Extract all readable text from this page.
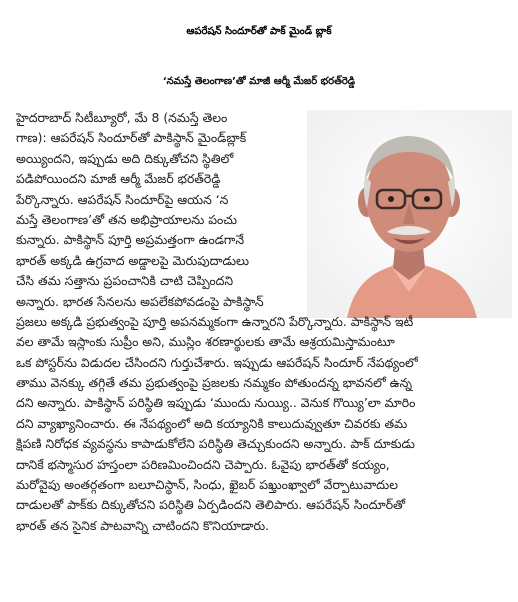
ఆపరేషన్ సిందూర్‌తో పాక్ మైండ్ బ్లాక్
‘నమస్తే తెలంగాణ’తో మాజీ ఆర్మీ మేజర్ భరత్‌రెడ్డి
హైదరాబాద్ సిటీబ్యూరో, మే 8 (నమస్తే తెలం
గాణ): ఆపరేషన్ సిందూర్‌తో పాకిస్థాన్ మైండ్‌బ్లాక్
అయ్యిందని, ఇప్పుడు అది దిక్కుతోచని స్థితిలో
పడిపోయిందని మాజీ ఆర్మీ మేజర్ భరత్‌రెడ్డి
పేర్కొన్నారు. ఆపరేషన్ సిందూర్‌పై ఆయన ‘న
మస్తే తెలంగాణ’తో తన అభిప్రాయాలను పంచు
కున్నారు. పాకిస్థాన్ పూర్తి అప్రమత్తంగా ఉండగానే
భారత్ అక్కడి ఉగ్రవాద అడ్డాలపై మెరుపుదాడులు
చేసి తమ సత్తాను ప్రపంచానికి చాటి చెప్పిందని
అన్నారు. భారత సేనలను అపలేకపోవడంపై పాకిస్థాన్
ప్రజలు అక్కడి ప్రభుత్వంపై పూర్తి అపనమ్మకంగా ఉన్నారని పేర్కొన్నారు. పాకిస్థాన్ ఇటీ
వల తామే ఇస్లాంకు సుప్రీం అని, ముస్లిం శరణార్థులకు తామే ఆశ్రయమిస్తామంటూ
ఒక పోస్టర్‌ను విడుదల చేసిందని గుర్తుచేశారు. ఇప్పుడు ఆపరేషన్ సిందూర్ నేపథ్యంలో
తాము వెనక్కు తగ్గితే తమ ప్రభుత్వంపై ప్రజలకు నమ్మకం పోతుందన్న భావనలో ఉన్న
దని అన్నారు. పాకిస్థాన్ పరిస్థితి ఇప్పుడు ‘ముందు నుయ్యి.. వెనుక గొయ్యి’లా మారిం
దని వ్యాఖ్యానించారు. ఈ నేపథ్యంలో అది కయ్యానికి కాలుదువ్వుతూ చివరకు తమ
క్షిపణి నిరోధక వ్యవస్థను కాపాడుకోలేని పరిస్థితి తెచ్చుకుందని అన్నారు. పాక్ దూకుడు
దానికే భస్మాసుర హస్తంలా పరిణమించిందని చెప్పారు. ఓవైపు భారత్‌తో కయ్యం,
మరోవైపు అంతర్గతంగా బలూచిస్థాన్, సింధు, ఖైబర్ పఖ్తుంఖ్వాలో వేర్పాటువాదుల
దాడులతో పాక్‌కు దిక్కుతోచని పరిస్థితి ఏర్పడిందని తెలిపారు. ఆపరేషన్ సిందూర్‌తో
భారత్ తన సైనిక పాటవాన్ని చాటిందని కొనియాడారు.
